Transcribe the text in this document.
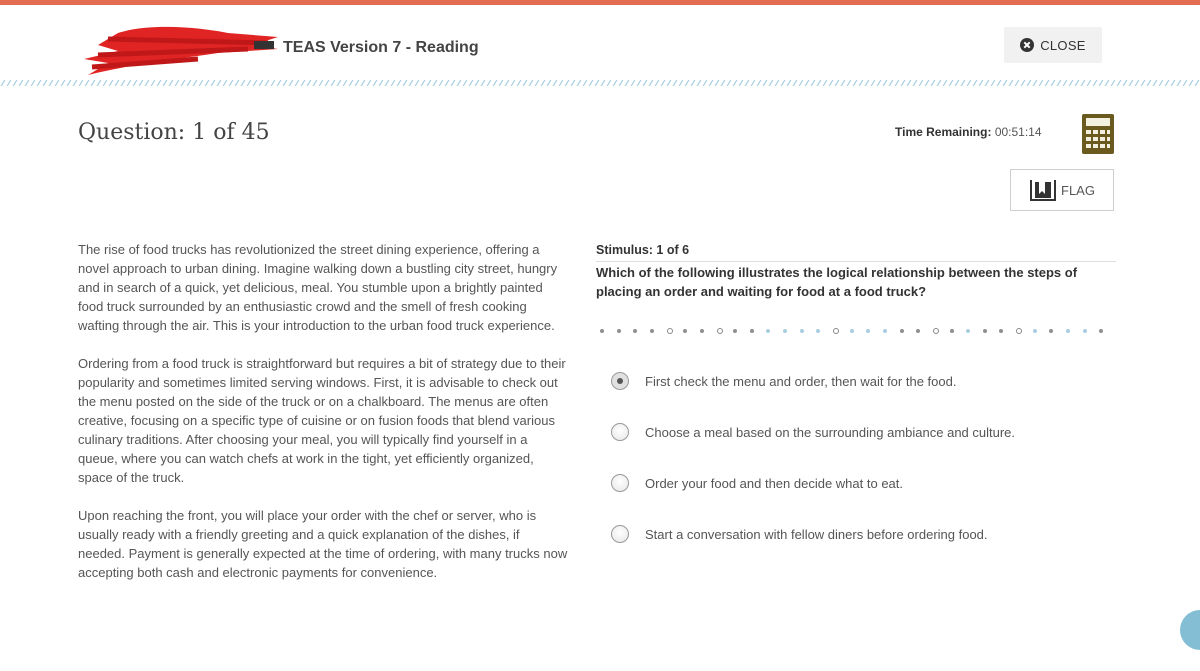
TEAS Version 7 - Reading	CLOSE
Question: 1 of 45	Time Remaining: 00:51:14
FLAG

The rise of food trucks has revolutionized the street dining experience, offering a novel approach to urban dining. Imagine walking down a bustling city street, hungry and in search of a quick, yet delicious, meal. You stumble upon a brightly painted food truck surrounded by an enthusiastic crowd and the smell of fresh cooking wafting through the air. This is your introduction to the urban food truck experience.

Ordering from a food truck is straightforward but requires a bit of strategy due to their popularity and sometimes limited serving windows. First, it is advisable to check out the menu posted on the side of the truck or on a chalkboard. The menus are often creative, focusing on a specific type of cuisine or on fusion foods that blend various culinary traditions. After choosing your meal, you will typically find yourself in a queue, where you can watch chefs at work in the tight, yet efficiently organized, space of the truck.

Upon reaching the front, you will place your order with the chef or server, who is usually ready with a friendly greeting and a quick explanation of the dishes, if needed. Payment is generally expected at the time of ordering, with many trucks now accepting both cash and electronic payments for convenience.

Stimulus: 1 of 6
Which of the following illustrates the logical relationship between the steps of placing an order and waiting for food at a food truck?
First check the menu and order, then wait for the food.
Choose a meal based on the surrounding ambiance and culture.
Order your food and then decide what to eat.
Start a conversation with fellow diners before ordering food.
